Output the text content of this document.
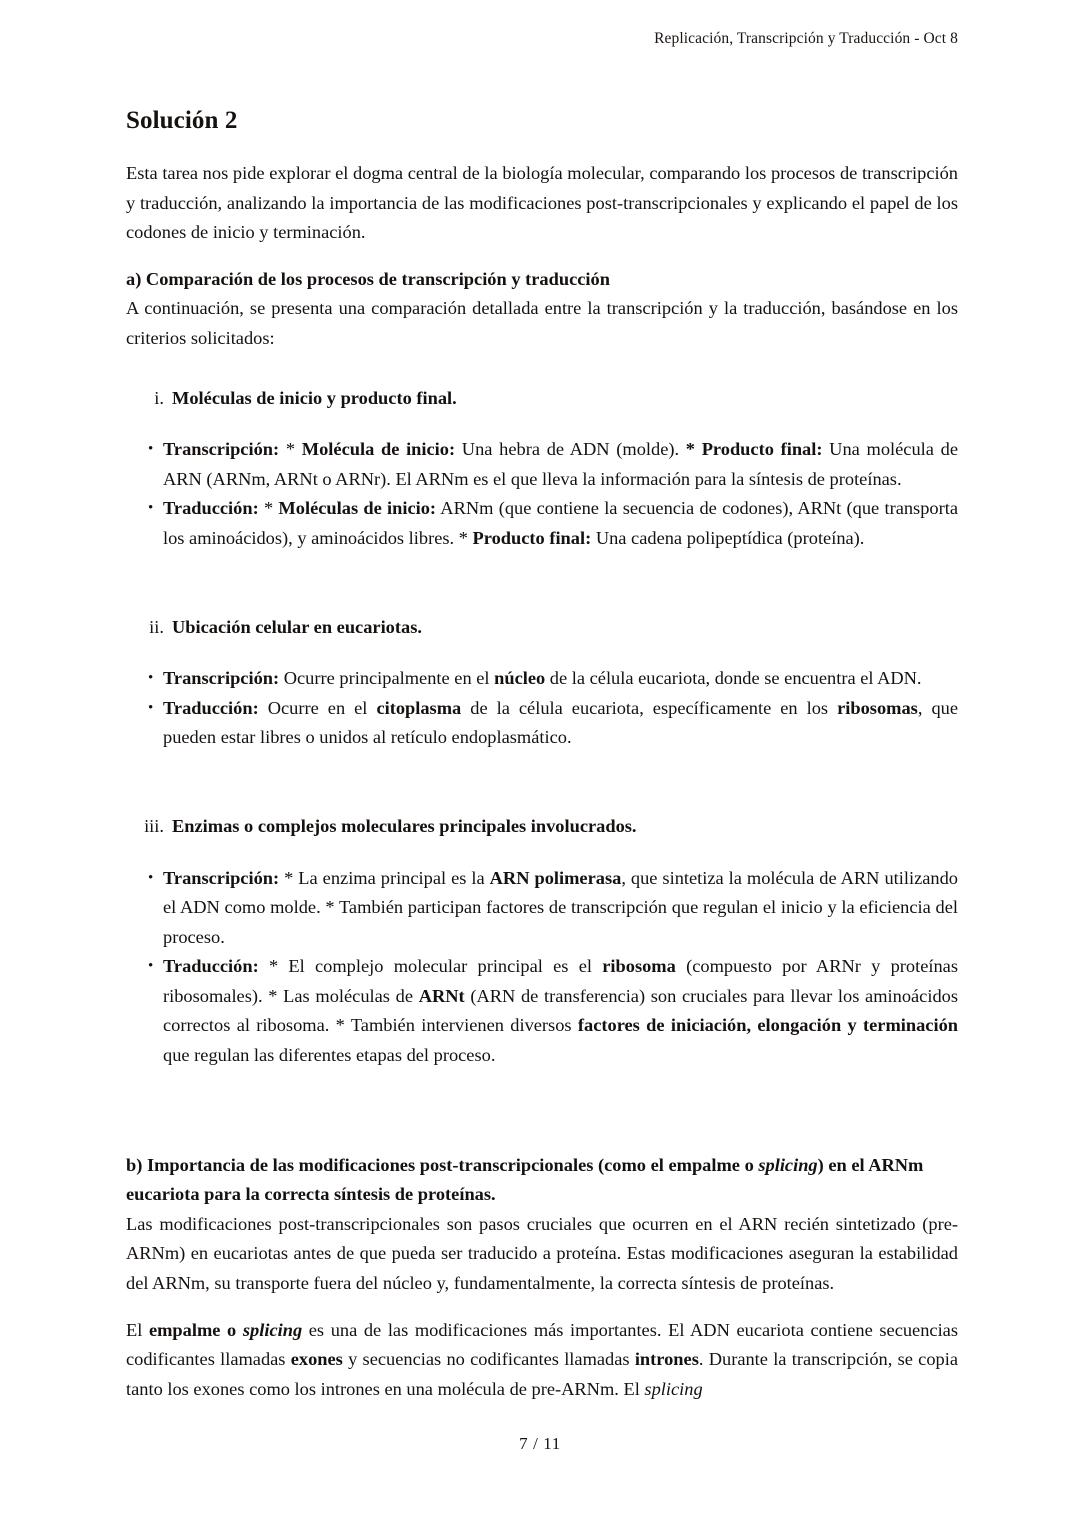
Replicación, Transcripción y Traducción - Oct 8
Solución 2

Esta tarea nos pide explorar el dogma central de la biología molecular, comparando los procesos de transcripción y traducción, analizando la importancia de las modificaciones post-transcripcionales y explicando el papel de los codones de inicio y terminación.

a) Comparación de los procesos de transcripción y traducción

A continuación, se presenta una comparación detallada entre la transcripción y la traducción, basándose en los criterios solicitados:

i. Moléculas de inicio y producto final.
• Transcripción: * Molécula de inicio: Una hebra de ADN (molde). * Producto final: Una molécula de ARN (ARNm, ARNt o ARNr). El ARNm es el que lleva la información para la síntesis de proteínas.
• Traducción: * Moléculas de inicio: ARNm (que contiene la secuencia de codones), ARNt (que transporta los aminoácidos), y aminoácidos libres. * Producto final: Una cadena polipeptídica (proteína).
ii. Ubicación celular en eucariotas.
• Transcripción: Ocurre principalmente en el núcleo de la célula eucariota, donde se encuentra el ADN.
• Traducción: Ocurre en el citoplasma de la célula eucariota, específicamente en los ribosomas, que pueden estar libres o unidos al retículo endoplasmático.
iii. Enzimas o complejos moleculares principales involucrados.
• Transcripción: * La enzima principal es la ARN polimerasa, que sintetiza la molécula de ARN utilizando el ADN como molde. * También participan factores de transcripción que regulan el inicio y la eficiencia del proceso.
• Traducción: * El complejo molecular principal es el ribosoma (compuesto por ARNr y proteínas ribosomales). * Las moléculas de ARNt (ARN de transferencia) son cruciales para llevar los aminoácidos correctos al ribosoma. * También intervienen diversos factores de iniciación, elongación y terminación que regulan las diferentes etapas del proceso.
b) Importancia de las modificaciones post-transcripcionales (como el empalme o splicing) en el ARNm eucariota para la correcta síntesis de proteínas.

Las modificaciones post-transcripcionales son pasos cruciales que ocurren en el ARN recién sintetizado (pre-ARNm) en eucariotas antes de que pueda ser traducido a proteína. Estas modificaciones aseguran la estabilidad del ARNm, su transporte fuera del núcleo y, fundamentalmente, la correcta síntesis de proteínas.

El empalme o splicing es una de las modificaciones más importantes. El ADN eucariota contiene secuencias codificantes llamadas exones y secuencias no codificantes llamadas intrones. Durante la transcripción, se copia tanto los exones como los intrones en una molécula de pre-ARNm. El splicing

7 / 11
